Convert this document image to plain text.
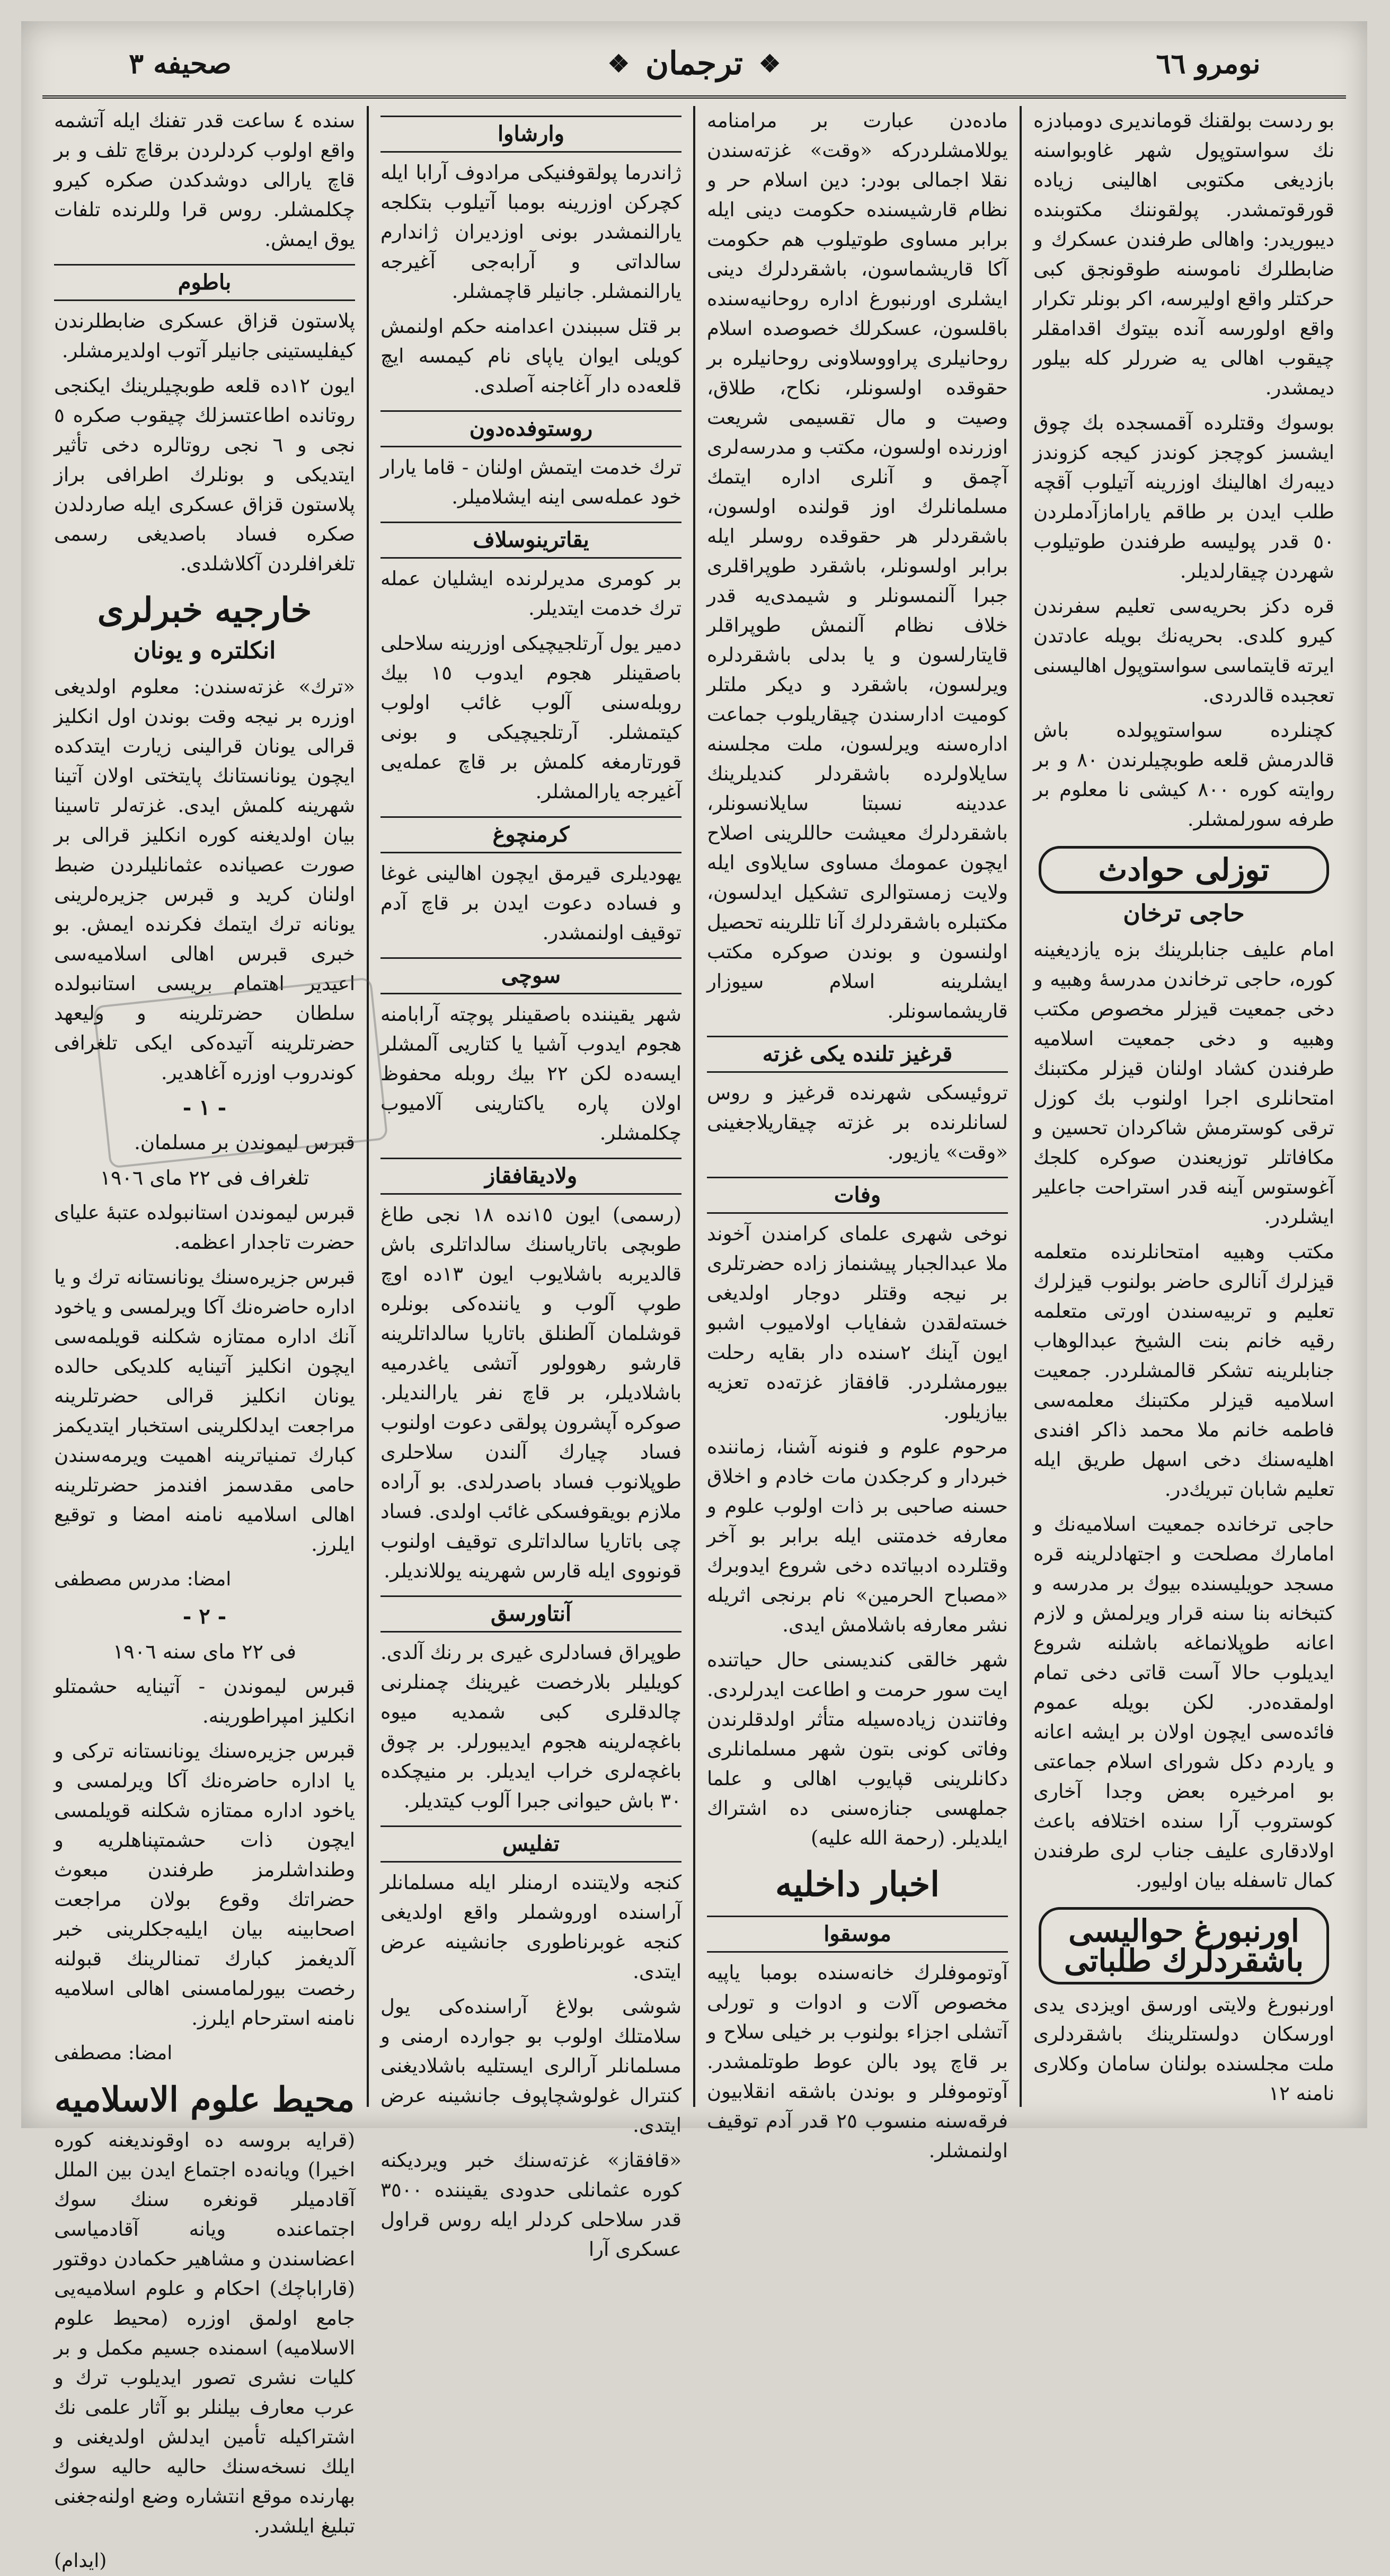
نومرو ٦٦
❖
ترجمان
❖
صحيفه ٣

بو ردست بولقنك قوماندیری دومبادزه نك سواستوپول شهر غاوبواسنه بازدیغی مکتوبی اهالینی زیاده قورقوتمشدر. پولقوننك مكتوبنده دیبوریدر: واهالی طرفندن عسكرك و ضابطلرك ناموسنه طوقونجق كبی حركتلر واقع اولیرسه، اكر بونلر تكرار واقع اولورسه آنده بیتوك اقدامقلر چیقوب اهالی یه ضررلر كله بیلور دیمشدر.

بوسوك وقتلرده آقمسجده بك چوق ایشسز كوچجز كوندز كیجه كزوندز دیبه‌رك اهالینك اوزرینه آتیلوب آقچه طلب ایدن بر طاقم یارامازآدملردن ٥٠ قدر پولیسه طرفندن طوتیلوب شهردن چیقارلدیلر.

قره دكز بحریه‌سی تعلیم سفرندن كیرو كلدی. بحریه‌نك بویله عادتدن ایرته قایتماسی سواستوپول اهالیسنی تعجبده قالدردی.

كچنلرده سواستوپولده باش قالدرمش قلعه طوبچیلرندن ٨٠ و بر روایته كوره ٨٠٠ كیشی نا معلوم بر طرفه سورلمشلر.

توزلی حوادث
حاجی ترخان

امام علیف جنابلرینك بزه یازدیغینه كوره، حاجی ترخاندن مدرسهٔ وهبیه و دخی جمعیت قیزلر مخصوص مكتب وهبیه و دخی جمعیت اسلامیه طرفندن كشاد اولنان قیزلر مكتبنك امتحانلری اجرا اولنوب بك كوزل ترقی كوسترمش شاكردان تحسین و مكافاتلر توزیعندن صوكره كلجك آغوستوس آینه قدر استراحت جاعلیر ایشلردر.

مكتب وهبیه امتحانلرنده متعلمه قیزلرك آنالری حاضر بولنوب قیزلرك تعلیم و تربیه‌سندن اورتی متعلمه رقیه خانم بنت الشیخ عبدالوهاب جنابلرینه تشكر قالمشلردر. جمعیت اسلامیه قیزلر مكتبنك معلمه‌سی فاطمه خانم ملا محمد ذاكر افندی اهلیه‌سنك دخی اسهل طریق ایله تعلیم شابان تبریك‌در.

حاجی ترخانده جمعیت اسلامیه‌نك و امامارك مصلحت و اجتهادلرینه قره مسجد حویلیسنده بیوك بر مدرسه و كتبخانه بنا سنه قرار ویرلمش و لازم اعانه طوپلانماغه باشلنه شروع ایدیلوب حالا آست قاتی دخی تمام اولمقده‌در. لكن بویله عموم فائده‌سی ایچون اولان بر ایشه اعانه و یاردم دكل شورای اسلام جماعتی بو امرخیره بعض وجدا آخاری كوستروب آرا سنده اختلافه باعث اولادقاری علیف جناب لری طرفندن كمال تاسفله بیان اولیور.

اورنبورغ حوالیسی باشقردلرك طلباتی

اورنبورغ ولایتی اورسق اویزدی یدی اورسكان دولستلرینك باشقردلری ملت مجلسنده بولنان سامان وكلاری نامنه ١٢

ماده‌دن عبارت بر مرامنامه یوللامشلردركه «وقت» غزته‌سندن نقلا اجمالی بودر: دین اسلام حر و نظام قارشیسنده حكومت دینی ایله برابر مساوی طوتیلوب هم حكومت آكا قاریشماسون، باشقردلرك دینی ایشلری اورنبورغ اداره روحانیه‌سنده باقلسون، عسكرلك خصوصده اسلام روحانیلری پراووسلاونی روحانیلره بر حقوقده اولسونلر، نكاح، طلاق، وصیت و مال تقسیمی شریعت اوزرنده اولسون، مكتب و مدرسه‌لری آچمق و آنلری اداره ایتمك مسلمانلرك اوز قولنده اولسون، باشقردلر هر حقوقده روسلر ایله برابر اولسونلر، باشقرد طوپراقلری جبرا آلنمسونلر و شیمدی‌یه قدر خلاف نظام آلنمش طوپراقلر قایتارلسون و یا بدلی باشقردلره ویرلسون، باشقرد و دیكر ملتلر كومیت ادارسندن چیقاریلوب جماعت اداره‌سنه ویرلسون، ملت مجلسنه سایلاولرده باشقردلر كندیلرینك عددینه نسبتا سایلانسونلر، باشقردلرك معیشت حاللرینی اصلاح ایچون عمومك مساوی سایلاوی ایله ولایت زمستوالری تشكیل ایدلسون، مكتبلره باشقردلرك آنا تللرینه تحصیل اولنسون و بوندن صوكره مكتب ایشلرینه اسلام سیوزار قاریشماسونلر.

قرغیز تلنده یكی غزته

تروئیسكی شهرنده قرغیز و روس لسانلرنده بر غزته چیقاریلاجغینی «وقت» یازیور.

وفات

نوخی شهری علمای كرامندن آخوند ملا عبدالجبار پیشنماز زاده حضرتلری بر نیجه وقتلر دوجار اولدیغی خسته‌لقدن شفایاب اولامیوب اشبو ایون آینك ٢سنده دار بقایه رحلت بیورمشلردر. قافقاز غزته‌ده تعزیه بیازیلور.

مرحوم علوم و فنونه آشنا، زماننده خبردار و كرجكدن مات خادم و اخلاق حسنه صاحبی بر ذات اولوب علوم و معارفه خدمتنی ایله برابر بو آخر وقتلرده ادبیاتده دخی شروع ایدوبرك «مصباح الحرمین» نام برنجی اثریله نشر معارفه باشلامش ایدی.

شهر خالقی كندیسنی حال حیاتنده ایت سور حرمت و اطاعت ایدرلردی. وفاتندن زیاده‌سیله متأثر اولدقلرندن وفاتی كونی بتون شهر مسلمانلری دكانلرینی قپایوب اهالی و علما جملهسی جنازه‌سنی ده اشتراك ایلدیلر. (رحمة الله علیه)

اخبار داخلیه
موسقوا

آوتوموفلرك خانه‌سنده بومبا یاپیه مخصوص آلات و ادوات و تورلی آتشلی اجزاء بولنوب بر خیلی سلاح و بر قاچ پود بالن عوط طوتلمشدر. آوتوموفلر و بوندن باشقه انقلابیون فرقه‌سنه منسوب ٢٥ قدر آدم توقیف اولنمشلر.

وارشاوا

ژاندرما پولقوفنیكی مرادوف آرابا ایله كچركن اوزرینه بومبا آتیلوب بتكلجه یارالنمشدر بونی اوزدیران ژاندارم سالداتی و آرابه‌جی آغیرجه یارالنمشلر. جانیلر قاچمشلر.

بر قتل سببندن اعدامنه حكم اولنمش كویلی ایوان یاپای نام كیمسه ایچ قلعه‌ده دار آغاجنه آصلدی.

روستوفده‌دون

ترك خدمت ایتمش اولنان - قاما یارار خود عمله‌سی اینه ایشلامیلر.

یقاترینوسلاف

بر كومری مدیرلرنده ایشلیان عمله ترك خدمت ایتدیلر.

دمیر یول آرتلجیچیكی اوزرینه سلاحلی باصقینلر هجوم ایدوب ١٥ بیك روبله‌سنی آلوب غائب اولوب كیتمشلر. آرتلجیچیكی و بونی قورتارمغه كلمش بر قاچ عمله‌یی آغیرجه یارالمشلر.

كرمنچوغ

یهودیلری قیرمق ایچون اهالینی غوغا و فساده دعوت ایدن بر قاچ آدم توقیف اولنمشدر.

سوچی

شهر یقیننده باصقینلر پوچته آرابامنه هجوم ایدوب آشیا یا كتاریی آلمشلر ایسه‌ده لكن ٢٢ بیك روبله محفوظ اولان پاره یاكتارینی آلامیوب چكلمشلر.

ولادیقافقاز

(رسمی) ایون ١٥نده ١٨ نجی طاغ طوبچی باتاریاسنك سالداتلری باش قالدیربه باشلایوب ایون ١٣ده اوچ طوپ آلوب و یاننده‌كی بونلره قوشلمان آلطنلق باتاریا سالداتلرینه قارشو رهوولور آتشی یاغدرمیه باشلادیلر، بر قاچ نفر یارالندیلر. صوكره آپشرون پولقی دعوت اولنوب فساد چیارك آلندن سلاحلری طوپلانوب فساد باصدرلدی. بو آراده ملازم بویقوفسكی غائب اولدی. فساد چی باتاریا سالداتلری توقیف اولنوب قونووی ایله قارس شهرینه یوللاندیلر.

آنتاورسق

طوپراق فسادلری غیری بر رنك آلدی. كویلیلر بلارخصت غیرینك چمنلرنی چالدقلری كبی شمدیه میوه باغچه‌لرینه هجوم ایدیبورلر. بر چوق باغچه‌لری خراب ایدیلر. بر منیچكده ٣٠ باش حیوانی جبرا آلوب كیتدیلر.

تفلیس

كنجه ولایتنده ارمنلر ایله مسلمانلر آراسنده اوروشملر واقع اولدیغی كنجه غوبرناطوری جانشینه عرض ایتدی.

شوشی بولاغ آراسنده‌كی یول سلامتلك اولوب بو جوارده ارمنی و مسلمانلر آرالری ایستلیه باشلادیغنی كنترال غولوشچاپوف جانشینه عرض ایتدی.

«قافقاز» غزته‌سنك خبر ویردیكنه كوره عثمانلی حدودی یقیننده ٣٥٠٠ قدر سلاحلی كردلر ایله روس قراول عسكری آرا

سنده ٤ ساعت قدر تفنك ایله آتشمه واقع اولوب كردلردن برقاچ تلف و بر قاچ یارالی دوشدكدن صكره كیرو چكلمشلر. روس قرا وللرنده تلفات یوق ایمش.

باطوم

پلاستون قزاق عسكری ضابطلرندن كیفلیستینی جانیلر آتوب اولدیرمشلر.

ایون ١٢ده قلعه طوبچیلرینك ایكنجی روتانده اطاعتسزلك چیقوب صكره ٥ نجی و ٦ نجی روتالره دخی تأثیر ایتدیكی و بونلرك اطرافی براز پلاستون قزاق عسكری ایله صاردلدن صكره فساد باصدیغی رسمی تلغرافلردن آكلاشلدی.

خارجیه خبرلری
انكلتره و یونان

«ترك» غزته‌سندن: معلوم اولدیغی اوزره بر نیجه وقت بوندن اول انكلیز قرالی یونان قرالینی زیارت ایتدكده ایچون یونانستانك پایتختی اولان آتینا شهرینه كلمش ایدی. غزته‌لر تاسینا بیان اولدیغنه كوره انكلیز قرالی بر صورت عصیانده عثمانلیلردن ضبط اولنان كرید و قبرس جزیره‌لرینی یونانه ترك ایتمك فكرنده ایمش. بو خبری قبرس اهالی اسلامیه‌سی اعیدیر اهتمام بریسی استانبولده سلطان حضرتلرینه و ولیعهد حضرتلرینه آتیده‌كی ایكی تلغرافی كوندروب اوزره آغاهدیر.

- ١ -

قبرس لیموندن بر مسلمان.

تلغراف فی ٢٢ مای ١٩٠٦

قبرس لیموندن استانبولده عتبهٔ علیای حضرت تاجدار اعظمه.

قبرس جزیره‌سنك یونانستانه ترك و یا اداره حاضره‌نك آكا ویرلمسی و یاخود آنك اداره ممتازه شكلنه قویلمه‌سی ایچون انكلیز آتینایه كلدیكی حالده یونان انكلیز قرالی حضرتلرینه مراجعت ایدلكلرینی استخبار ایتدیكمز كبارك تمنیاترینه اهمیت ویرمه‌سندن حامی مقدسمز افندمز حضرتلرینه اهالی اسلامیه نامنه امضا و توقیع ایلرز.

امضا: مدرس مصطفی
- ٢ -
فی ٢٢ مای سنه ١٩٠٦

قبرس لیموندن - آتینایه حشمتلو انكلیز امپراطورینه.

قبرس جزیره‌سنك یونانستانه تركی و یا اداره حاضره‌نك آكا ویرلمسی و یاخود اداره ممتازه شكلنه قویلمسی ایچون ذات حشمتپناهلریه و وطنداشلرمز طرفندن مبعوث حضراتك وقوع بولان مراجعت اصحابینه بیان ایلیه‌جكلرینی خبر آلدیغمز كبارك تمنالرینك قبولنه رخصت بیورلمامسنی اهالی اسلامیه نامنه استرحام ایلرز.

امضا: مصطفی
محیط علوم الاسلامیه

(قرایه بروسه ده اوقوندیغنه كوره اخیرا) ویانه‌ده اجتماع ایدن بین الملل آقادمیلر قونغره سنك سوك اجتماعنده ویانه آقادمیاسی اعضاسندن و مشاهیر حكمادن دوقتور (قاراباچك) احكام و علوم اسلامیه‌یی جامع اولمق اوزره (محیط علوم الاسلامیه) اسمنده جسیم مكمل و بر كلیات نشری تصور ایدیلوب ترك و عرب معارف بیلنلر بو آثار علمی نك اشتراكیله تأمین ایدلش اولدیغنی و ایلك نسخه‌سنك حالیه حالیه سوك بهارنده موقع انتشاره وضع اولنه‌جغنی تبلیغ ایلشدر.

(ایدام)
